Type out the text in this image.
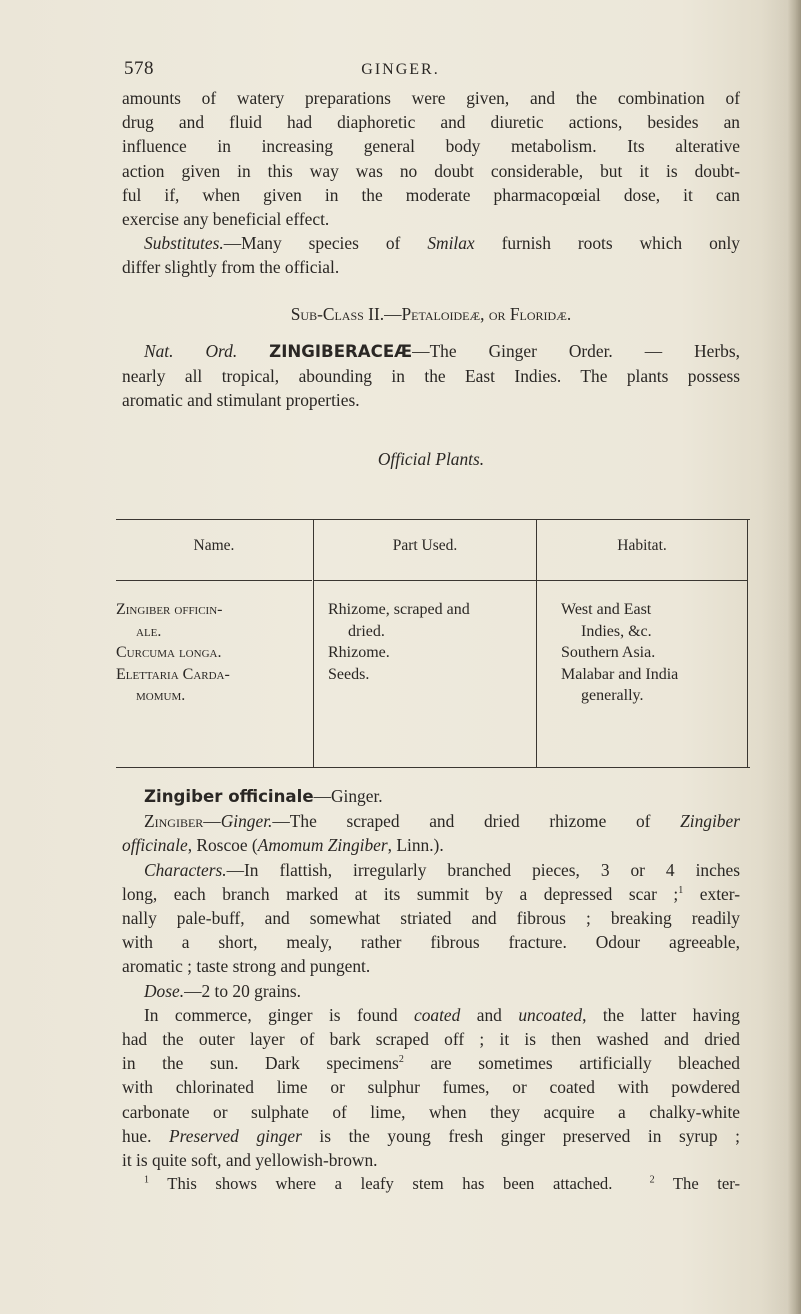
578	GINGER.

amounts of watery preparations were given, and the combination of

drug and fluid had diaphoretic and diuretic actions, besides an

influence in increasing general body metabolism. Its alterative

action given in this way was no doubt considerable, but it is doubt-

ful if, when given in the moderate pharmacopœial dose, it can

exercise any beneficial effect.

Substitutes.—Many species of Smilax furnish roots which only

differ slightly from the official.

Sub-Class II.—Petaloideæ, or Floridæ.

Nat. Ord. ZINGIBERACEÆ—The Ginger Order. — Herbs,

nearly all tropical, abounding in the East Indies. The plants possess

aromatic and stimulant properties.

Official Plants.

Name.
Zingiber officin-
ale.
Curcuma longa.
Elettaria Carda-
momum.
Part Used.
Rhizome, scraped and
dried.
Rhizome.
Seeds.
Habitat.
West and East
Indies, &c.
Southern Asia.
Malabar and India
generally.

Zingiber officinale—Ginger.

Zingiber—Ginger.—The scraped and dried rhizome of Zingiber

officinale, Roscoe (Amomum Zingiber, Linn.).

Characters.—In flattish, irregularly branched pieces, 3 or 4 inches

long, each branch marked at its summit by a depressed scar ;$^1$ exter-

nally pale-buff, and somewhat striated and fibrous ; breaking readily

with a short, mealy, rather fibrous fracture. Odour agreeable,

aromatic ; taste strong and pungent.

Dose.—2 to 20 grains.

In commerce, ginger is found coated and uncoated, the latter having

had the outer layer of bark scraped off ; it is then washed and dried

in the sun. Dark specimens$^2$ are sometimes artificially bleached

with chlorinated lime or sulphur fumes, or coated with powdered

carbonate or sulphate of lime, when they acquire a chalky-white

hue. Preserved ginger is the young fresh ginger preserved in syrup ;

it is quite soft, and yellowish-brown.

$^1$ This shows where a leafy stem has been attached.	$^2$ The ter-
